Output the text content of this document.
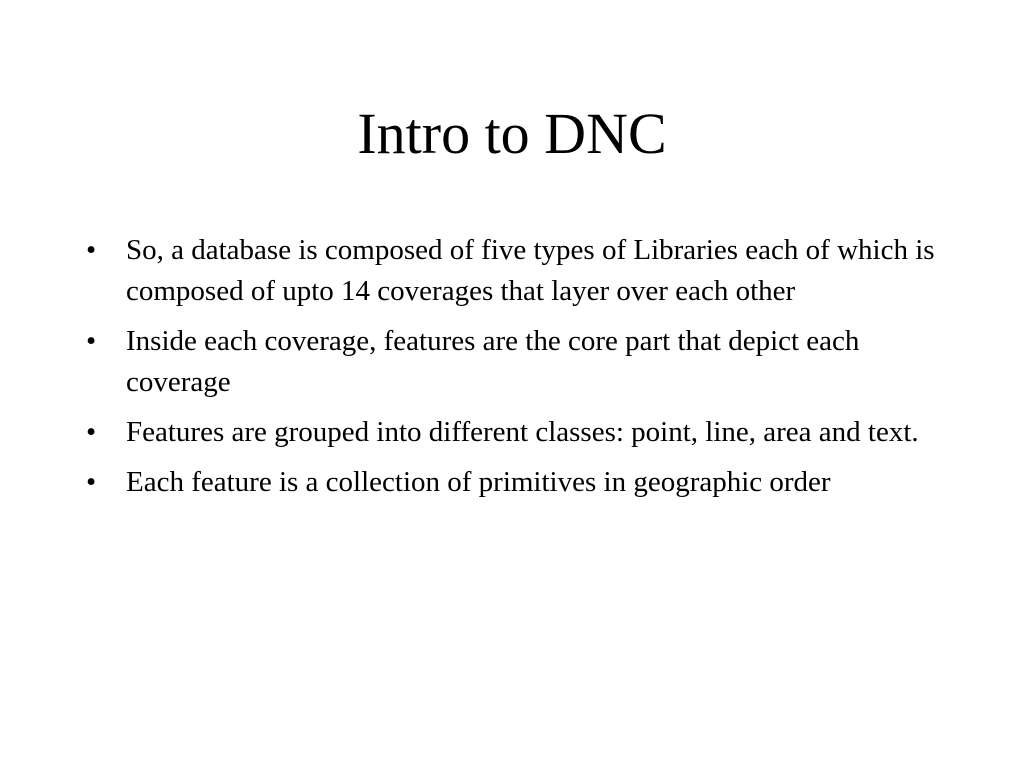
Intro to DNC
•	So, a database is composed of five types of Libraries each of which is composed of upto 14 coverages that layer over each other
•	Inside each coverage, features are the core part that depict each coverage
•	Features are grouped into different classes: point, line, area and text.
•	Each feature is a collection of primitives in geographic order
